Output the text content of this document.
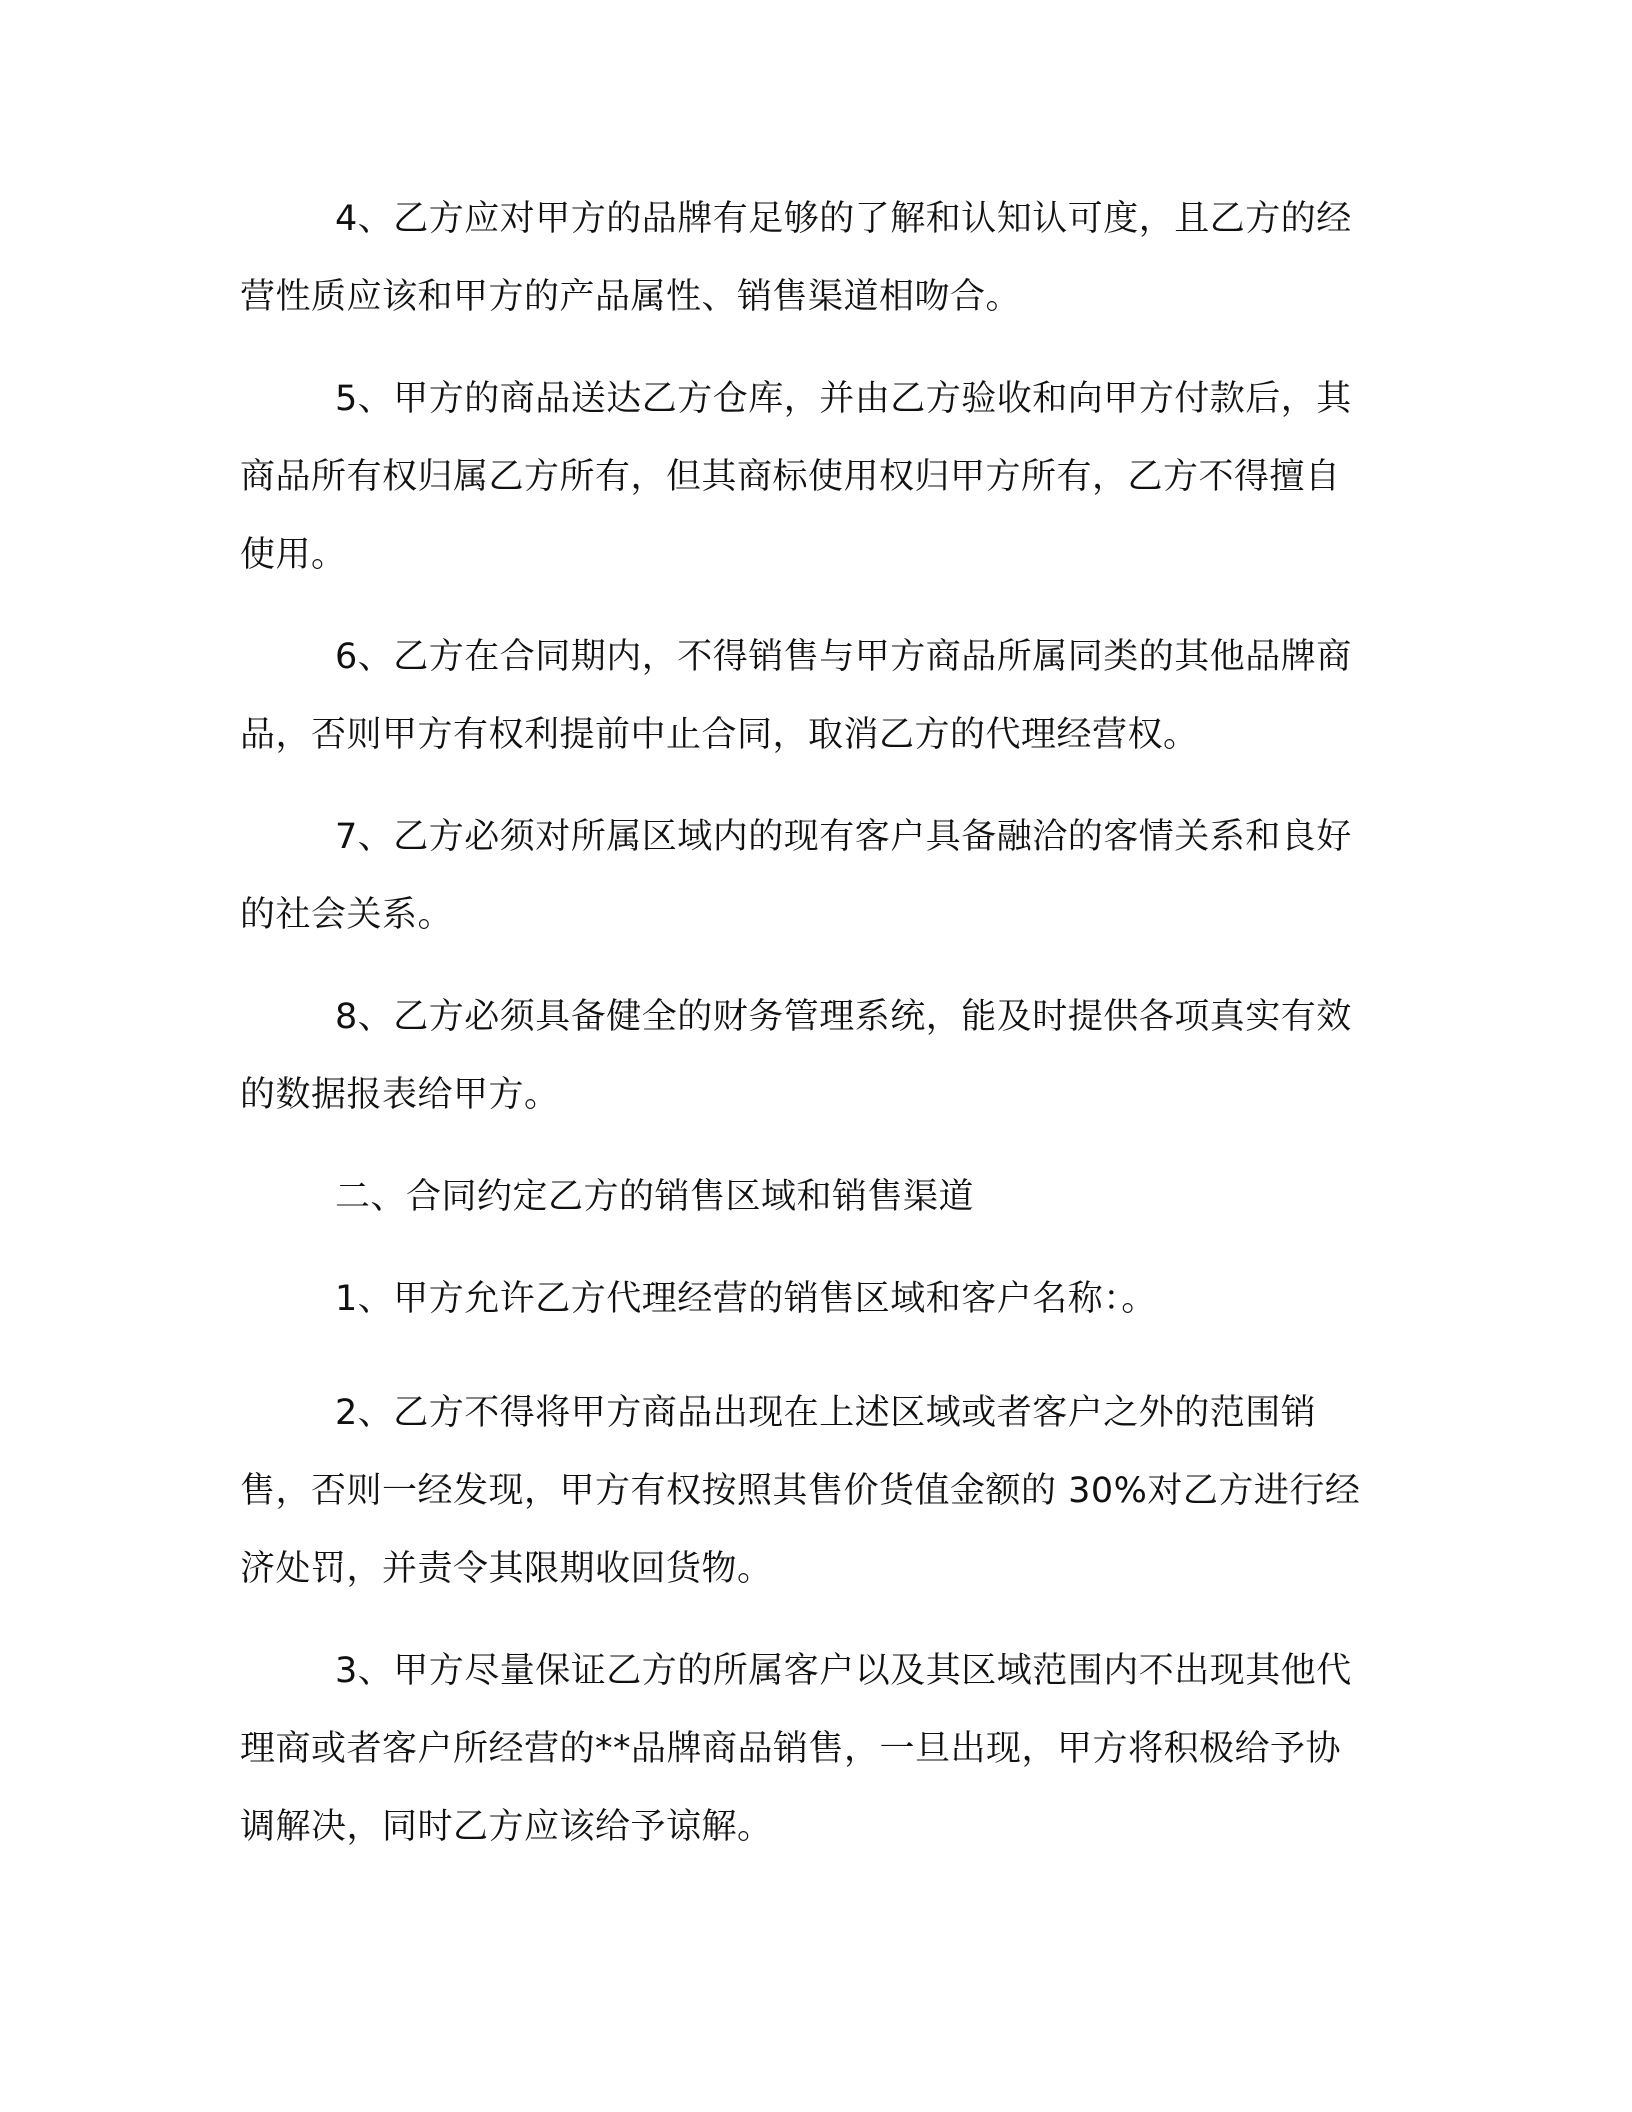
4、乙方应对甲方的品牌有足够的了解和认知认可度，且乙方的经营性质应该和甲方的产品属性、销售渠道相吻合。

5、甲方的商品送达乙方仓库，并由乙方验收和向甲方付款后，其商品所有权归属乙方所有，但其商标使用权归甲方所有，乙方不得擅自使用。

6、乙方在合同期内，不得销售与甲方商品所属同类的其他品牌商品，否则甲方有权利提前中止合同，取消乙方的代理经营权。

7、乙方必须对所属区域内的现有客户具备融洽的客情关系和良好的社会关系。

8、乙方必须具备健全的财务管理系统，能及时提供各项真实有效的数据报表给甲方。

二、合同约定乙方的销售区域和销售渠道

1、甲方允许乙方代理经营的销售区域和客户名称：。

2、乙方不得将甲方商品出现在上述区域或者客户之外的范围销售，否则一经发现，甲方有权按照其售价货值金额的 30%对乙方进行经济处罚，并责令其限期收回货物。

3、甲方尽量保证乙方的所属客户以及其区域范围内不出现其他代理商或者客户所经营的**品牌商品销售，一旦出现，甲方将积极给予协调解决，同时乙方应该给予谅解。
